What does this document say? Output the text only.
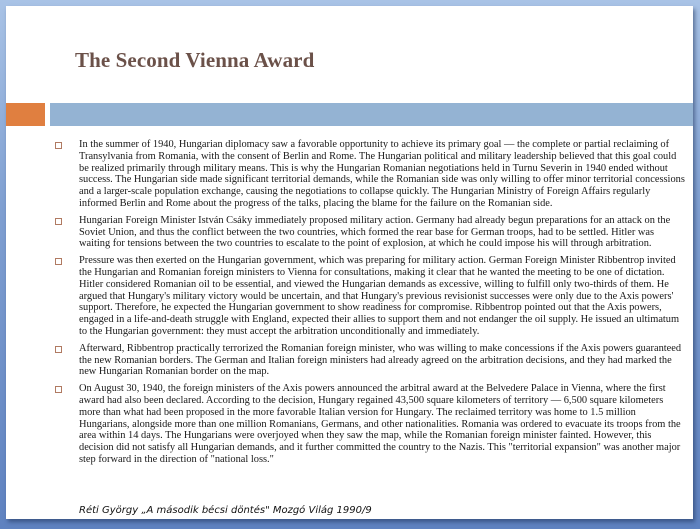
The Second Vienna Award
In the summer of 1940, Hungarian diplomacy saw a favorable opportunity to achieve its primary goal — the complete or partial reclaiming of Transylvania from Romania, with the consent of Berlin and Rome. The Hungarian political and military leadership believed that this goal could be realized primarily through military means. This is why the Hungarian Romanian negotiations held in Turnu Severin in 1940 ended without success. The Hungarian side made significant territorial demands, while the Romanian side was only willing to offer minor territorial concessions and a larger-scale population exchange, causing the negotiations to collapse quickly. The Hungarian Ministry of Foreign Affairs regularly informed Berlin and Rome about the progress of the talks, placing the blame for the failure on the Romanian side.
Hungarian Foreign Minister István Csáky immediately proposed military action. Germany had already begun preparations for an attack on the Soviet Union, and thus the conflict between the two countries, which formed the rear base for German troops, had to be settled. Hitler was waiting for tensions between the two countries to escalate to the point of explosion, at which he could impose his will through arbitration.
Pressure was then exerted on the Hungarian government, which was preparing for military action. German Foreign Minister Ribbentrop invited the Hungarian and Romanian foreign ministers to Vienna for consultations, making it clear that he wanted the meeting to be one of dictation. Hitler considered Romanian oil to be essential, and viewed the Hungarian demands as excessive, willing to fulfill only two-thirds of them. He argued that Hungary's military victory would be uncertain, and that Hungary's previous revisionist successes were only due to the Axis powers' support. Therefore, he expected the Hungarian government to show readiness for compromise. Ribbentrop pointed out that the Axis powers, engaged in a life-and-death struggle with England, expected their allies to support them and not endanger the oil supply. He issued an ultimatum to the Hungarian government: they must accept the arbitration unconditionally and immediately.
Afterward, Ribbentrop practically terrorized the Romanian foreign minister, who was willing to make concessions if the Axis powers guaranteed the new Romanian borders. The German and Italian foreign ministers had already agreed on the arbitration decisions, and they had marked the new Hungarian Romanian border on the map.
On August 30, 1940, the foreign ministers of the Axis powers announced the arbitral award at the Belvedere Palace in Vienna, where the first award had also been declared. According to the decision, Hungary regained 43,500 square kilometers of territory — 6,500 square kilometers more than what had been proposed in the more favorable Italian version for Hungary. The reclaimed territory was home to 1.5 million Hungarians, alongside more than one million Romanians, Germans, and other nationalities. Romania was ordered to evacuate its troops from the area within 14 days. The Hungarians were overjoyed when they saw the map, while the Romanian foreign minister fainted. However, this decision did not satisfy all Hungarian demands, and it further committed the country to the Nazis. This "territorial expansion" was another major step forward in the direction of "national loss."
Réti György „A második bécsi döntés" Mozgó Világ 1990/9
